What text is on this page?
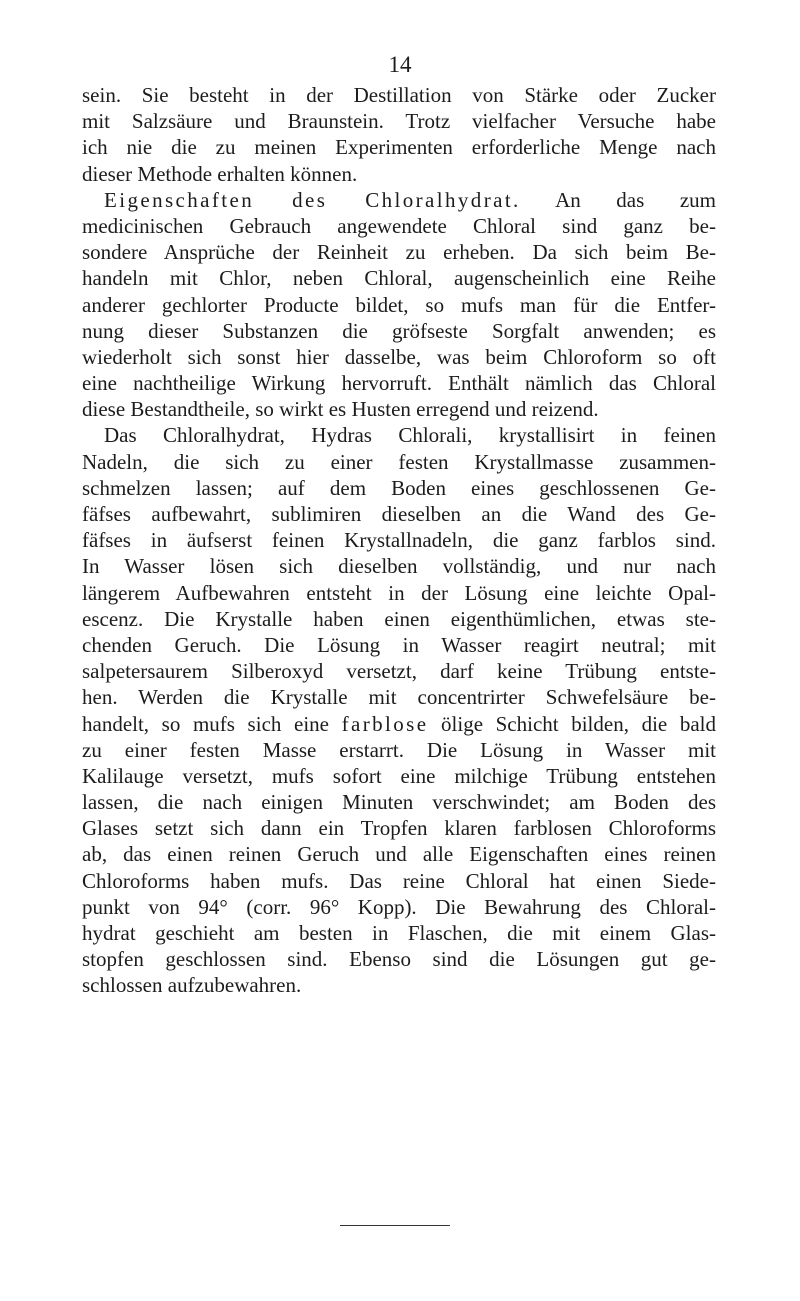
14
sein. Sie besteht in der Destillation von Stärke oder Zucker
mit Salzsäure und Braunstein. Trotz vielfacher Versuche habe
ich nie die zu meinen Experimenten erforderliche Menge nach
dieser Methode erhalten können.
Eigenschaften des Chloralhydrat. An das zum
medicinischen Gebrauch angewendete Chloral sind ganz be-
sondere Ansprüche der Reinheit zu erheben. Da sich beim Be-
handeln mit Chlor, neben Chloral, augenscheinlich eine Reihe
anderer gechlorter Producte bildet, so mufs man für die Entfer-
nung dieser Substanzen die gröfseste Sorgfalt anwenden; es
wiederholt sich sonst hier dasselbe, was beim Chloroform so oft
eine nachtheilige Wirkung hervorruft. Enthält nämlich das Chloral
diese Bestandtheile, so wirkt es Husten erregend und reizend.
Das Chloralhydrat, Hydras Chlorali, krystallisirt in feinen
Nadeln, die sich zu einer festen Krystallmasse zusammen-
schmelzen lassen; auf dem Boden eines geschlossenen Ge-
fäfses aufbewahrt, sublimiren dieselben an die Wand des Ge-
fäfses in äufserst feinen Krystallnadeln, die ganz farblos sind.
In Wasser lösen sich dieselben vollständig, und nur nach
längerem Aufbewahren entsteht in der Lösung eine leichte Opal-
escenz. Die Krystalle haben einen eigenthümlichen, etwas ste-
chenden Geruch. Die Lösung in Wasser reagirt neutral; mit
salpetersaurem Silberoxyd versetzt, darf keine Trübung entste-
hen. Werden die Krystalle mit concentrirter Schwefelsäure be-
handelt, so mufs sich eine farblose ölige Schicht bilden, die bald
zu einer festen Masse erstarrt. Die Lösung in Wasser mit
Kalilauge versetzt, mufs sofort eine milchige Trübung entstehen
lassen, die nach einigen Minuten verschwindet; am Boden des
Glases setzt sich dann ein Tropfen klaren farblosen Chloroforms
ab, das einen reinen Geruch und alle Eigenschaften eines reinen
Chloroforms haben mufs. Das reine Chloral hat einen Siede-
punkt von 94° (corr. 96° Kopp). Die Bewahrung des Chloral-
hydrat geschieht am besten in Flaschen, die mit einem Glas-
stopfen geschlossen sind. Ebenso sind die Lösungen gut ge-
schlossen aufzubewahren.
